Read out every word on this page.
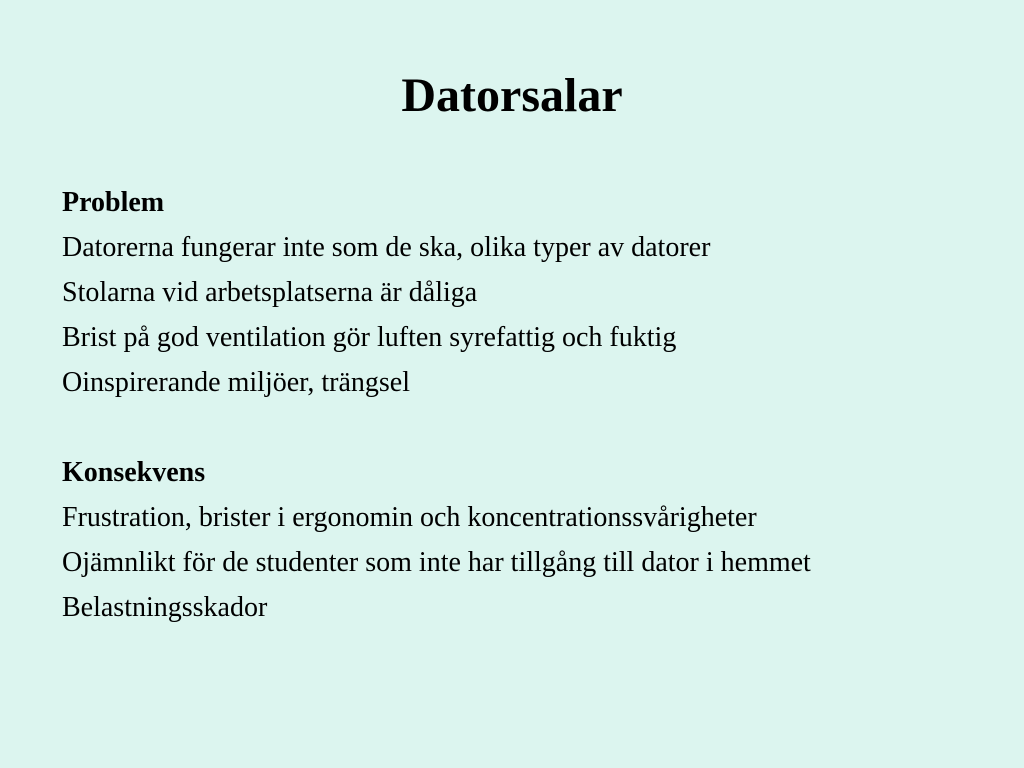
Datorsalar

Problem

Datorerna fungerar inte som de ska, olika typer av datorer

Stolarna vid arbetsplatserna är dåliga

Brist på god ventilation gör luften syrefattig och fuktig

Oinspirerande miljöer, trängsel

Konsekvens

Frustration, brister i ergonomin och koncentrationssvårigheter

Ojämnlikt för de studenter som inte har tillgång till dator i hemmet

Belastningsskador
